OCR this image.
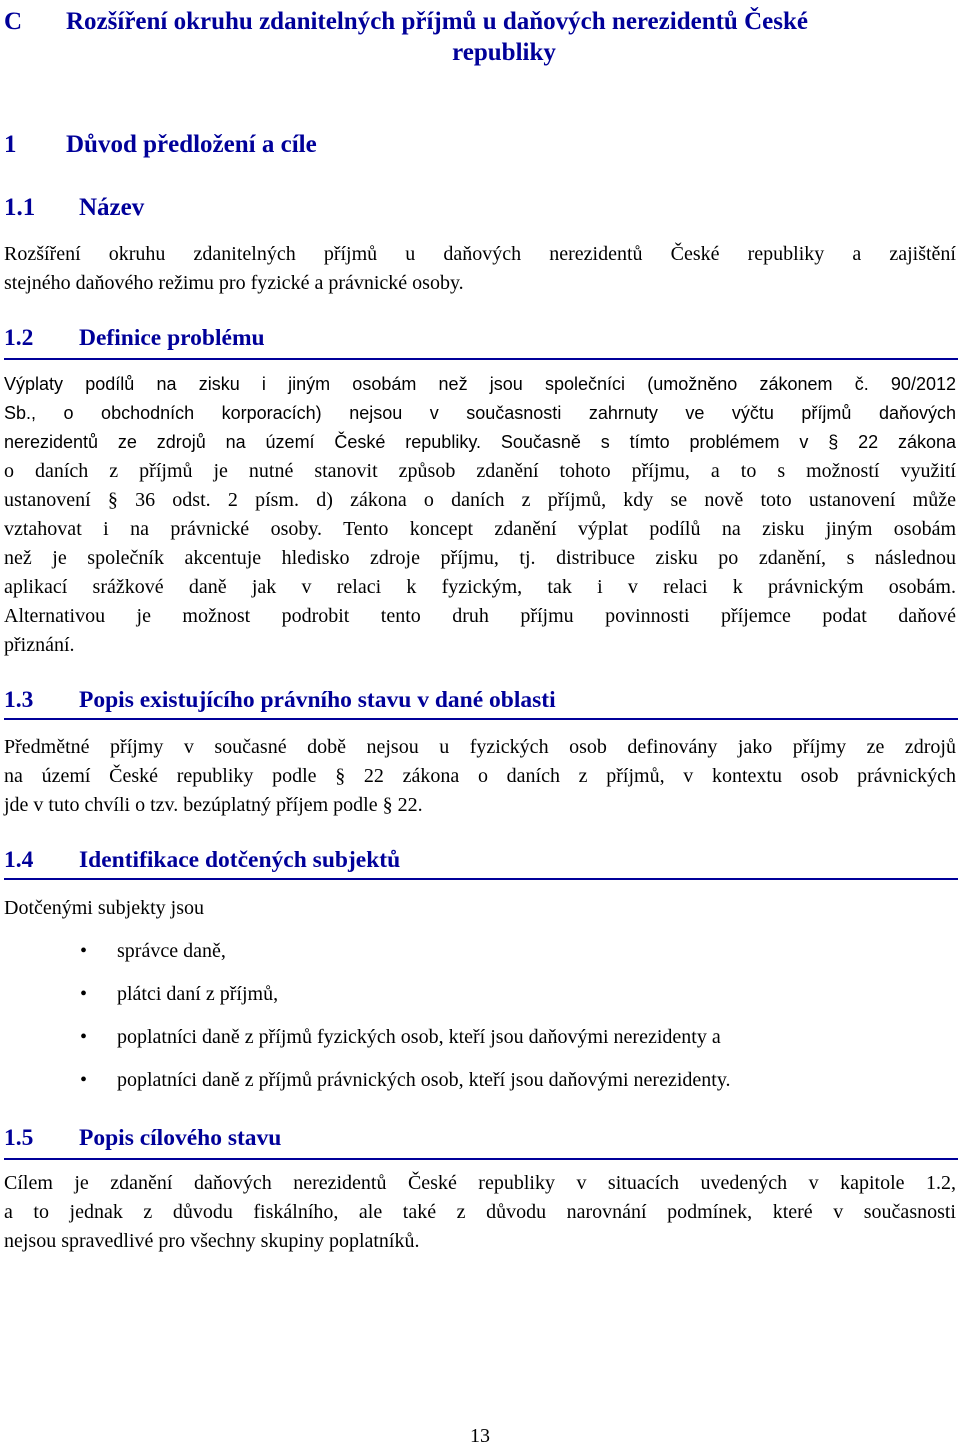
C Rozšíření okruhu zdanitelných příjmů u daňových nerezidentů České
republiky
1 Důvod předložení a cíle
1.1 Název
Rozšíření okruhu zdanitelných příjmů u daňových nerezidentů České republiky a zajištění
stejného daňového režimu pro fyzické a právnické osoby.
1.2 Definice problému
Výplaty podílů na zisku i jiným osobám než jsou společníci (umožněno zákonem č. 90/2012
Sb., o obchodních korporacích) nejsou v současnosti zahrnuty ve výčtu příjmů daňových
nerezidentů ze zdrojů na území České republiky. Současně s tímto problémem v § 22 zákona
o daních z příjmů je nutné stanovit způsob zdanění tohoto příjmu, a to s možností využití
ustanovení § 36 odst. 2 písm. d) zákona o daních z příjmů, kdy se nově toto ustanovení může
vztahovat i na právnické osoby. Tento koncept zdanění výplat podílů na zisku jiným osobám
než je společník akcentuje hledisko zdroje příjmu, tj. distribuce zisku po zdanění, s následnou
aplikací srážkové daně jak v relaci k fyzickým, tak i v relaci k právnickým osobám.
Alternativou je možnost podrobit tento druh příjmu povinnosti příjemce podat daňové
přiznání.
1.3 Popis existujícího právního stavu v dané oblasti
Předmětné příjmy v současné době nejsou u fyzických osob definovány jako příjmy ze zdrojů
na území České republiky podle § 22 zákona o daních z příjmů, v kontextu osob právnických
jde v tuto chvíli o tzv. bezúplatný příjem podle § 22.
1.4 Identifikace dotčených subjektů
Dotčenými subjekty jsou
• správce daně,
• plátci daní z příjmů,
• poplatníci daně z příjmů fyzických osob, kteří jsou daňovými nerezidenty a
• poplatníci daně z příjmů právnických osob, kteří jsou daňovými nerezidenty.
1.5 Popis cílového stavu
Cílem je zdanění daňových nerezidentů České republiky v situacích uvedených v kapitole 1.2,
a to jednak z důvodu fiskálního, ale také z důvodu narovnání podmínek, které v současnosti
nejsou spravedlivé pro všechny skupiny poplatníků.
13
